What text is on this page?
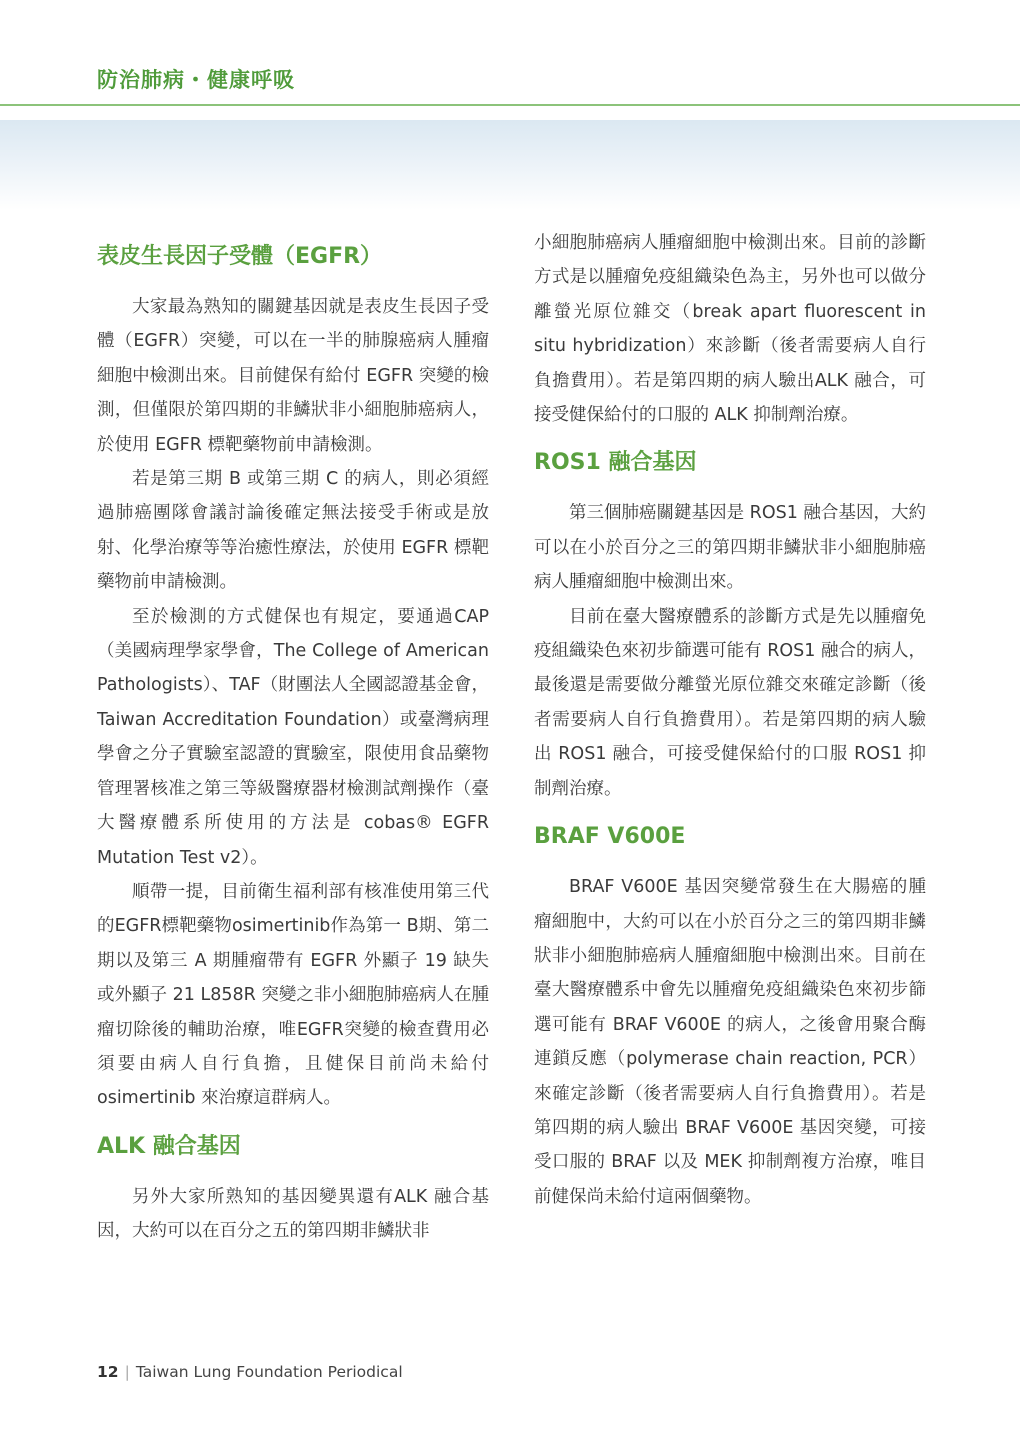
防治肺病・健康呼吸
表皮生長因子受體（EGFR）

大家最為熟知的關鍵基因就是表皮生長因子受體（EGFR）突變，可以在一半的肺腺癌病人腫瘤細胞中檢測出來。目前健保有給付 EGFR 突變的檢測，但僅限於第四期的非鱗狀非小細胞肺癌病人，於使用 EGFR 標靶藥物前申請檢測。

若是第三期 B 或第三期 C 的病人，則必須經過肺癌團隊會議討論後確定無法接受手術或是放射、化學治療等等治癒性療法，於使用 EGFR 標靶藥物前申請檢測。

至於檢測的方式健保也有規定，要通過CAP（美國病理學家學會，The College of American Pathologists）、TAF（財團法人全國認證基金會，Taiwan Accreditation Foundation）或臺灣病理學會之分子實驗室認證的實驗室，限使用食品藥物管理署核准之第三等級醫療器材檢測試劑操作（臺大醫療體系所使用的方法是 cobas® EGFR Mutation Test v2）。

順帶一提，目前衛生福利部有核准使用第三代的EGFR標靶藥物osimertinib作為第一 B期、第二期以及第三 A 期腫瘤帶有 EGFR 外顯子 19 缺失或外顯子 21 L858R 突變之非小細胞肺癌病人在腫瘤切除後的輔助治療，唯EGFR突變的檢查費用必須要由病人自行負擔，且健保目前尚未給付 osimertinib 來治療這群病人。

ALK 融合基因

另外大家所熟知的基因變異還有ALK 融合基因，大約可以在百分之五的第四期非鱗狀非

小細胞肺癌病人腫瘤細胞中檢測出來。目前的診斷方式是以腫瘤免疫組織染色為主，另外也可以做分離螢光原位雜交（break apart fluorescent in situ hybridization）來診斷（後者需要病人自行負擔費用）。若是第四期的病人驗出ALK 融合，可接受健保給付的口服的 ALK 抑制劑治療。

ROS1 融合基因

第三個肺癌關鍵基因是 ROS1 融合基因，大約可以在小於百分之三的第四期非鱗狀非小細胞肺癌病人腫瘤細胞中檢測出來。

目前在臺大醫療體系的診斷方式是先以腫瘤免疫組織染色來初步篩選可能有 ROS1 融合的病人，最後還是需要做分離螢光原位雜交來確定診斷（後者需要病人自行負擔費用）。若是第四期的病人驗出 ROS1 融合，可接受健保給付的口服 ROS1 抑制劑治療。

BRAF V600E

BRAF V600E 基因突變常發生在大腸癌的腫瘤細胞中，大約可以在小於百分之三的第四期非鱗狀非小細胞肺癌病人腫瘤細胞中檢測出來。目前在臺大醫療體系中會先以腫瘤免疫組織染色來初步篩選可能有 BRAF V600E 的病人，之後會用聚合酶連鎖反應（polymerase chain reaction, PCR）來確定診斷（後者需要病人自行負擔費用）。若是第四期的病人驗出 BRAF V600E 基因突變，可接受口服的 BRAF 以及 MEK 抑制劑複方治療，唯目前健保尚未給付這兩個藥物。

12 | Taiwan Lung Foundation Periodical
